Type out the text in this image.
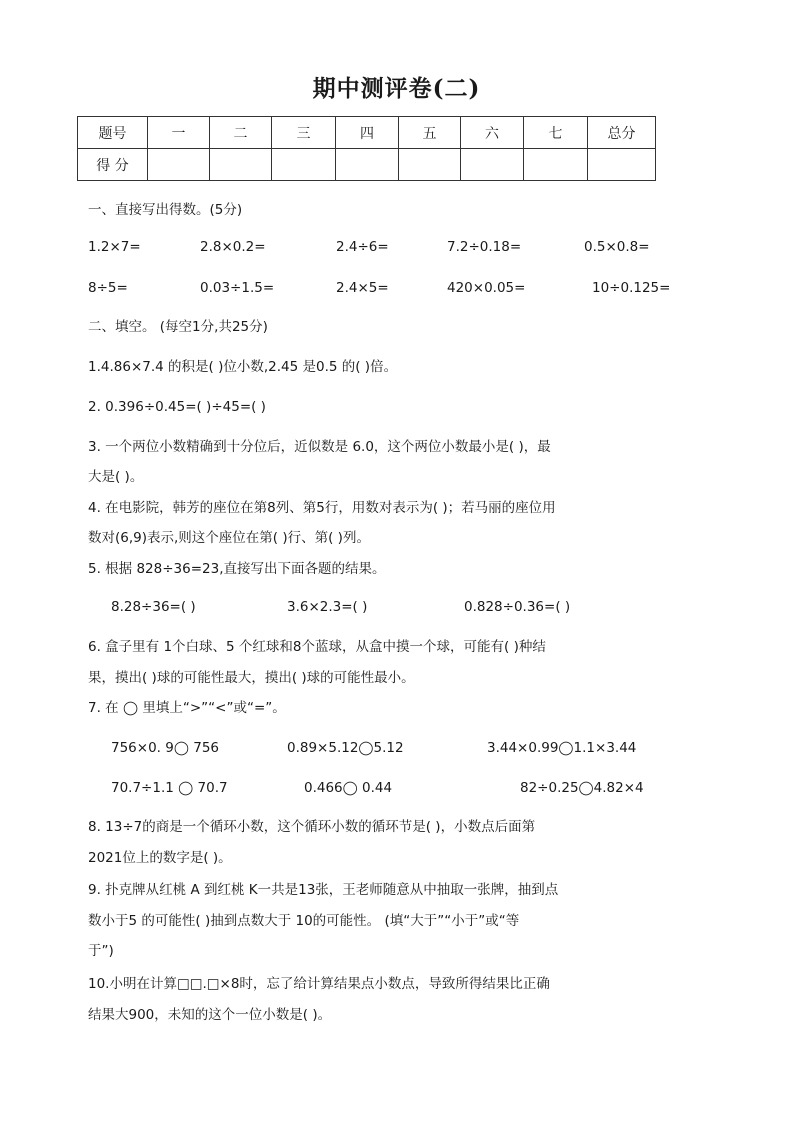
期中测评卷(二)
题号	一	二	三	四	五	六	七	总分
得 分								
一、直接写出得数。(5分)
1.2×7=	2.8×0.2=	2.4÷6=	7.2÷0.18=	0.5×0.8=
8÷5=	0.03÷1.5=	2.4×5=	420×0.05=	10÷0.125=
二、填空。 (每空1分,共25分)
1.4.86×7.4 的积是( )位小数,2.45 是0.5 的( )倍。
2. 0.396÷0.45=( )÷45=( )
3. 一个两位小数精确到十分位后，近似数是 6.0，这个两位小数最小是( )，最
大是( )。
4. 在电影院，韩芳的座位在第8列、第5行，用数对表示为( )；若马丽的座位用
数对(6,9)表示,则这个座位在第( )行、第( )列。
5. 根据 828÷36=23,直接写出下面各题的结果。
8.28÷36=( )	3.6×2.3=( )	0.828÷0.36=( )
6. 盒子里有 1个白球、5 个红球和8个蓝球，从盒中摸一个球，可能有( )种结
果，摸出( )球的可能性最大，摸出( )球的可能性最小。
7. 在 ◯ 里填上“>”“<”或“=”。
756×0. 9◯ 756	0.89×5.12◯5.12	3.44×0.99◯1.1×3.44
70.7÷1.1 ◯ 70.7	0.466◯ 0.44	82÷0.25◯4.82×4
8. 13÷7的商是一个循环小数，这个循环小数的循环节是( )，小数点后面第
2021位上的数字是( )。
9. 扑克牌从红桃 A 到红桃 K一共是13张，王老师随意从中抽取一张牌，抽到点
数小于5 的可能性( )抽到点数大于 10的可能性。 (填“大于”“小于”或“等
于”)
10.小明在计算□□.□×8时，忘了给计算结果点小数点，导致所得结果比正确
结果大900，未知的这个一位小数是( )。
